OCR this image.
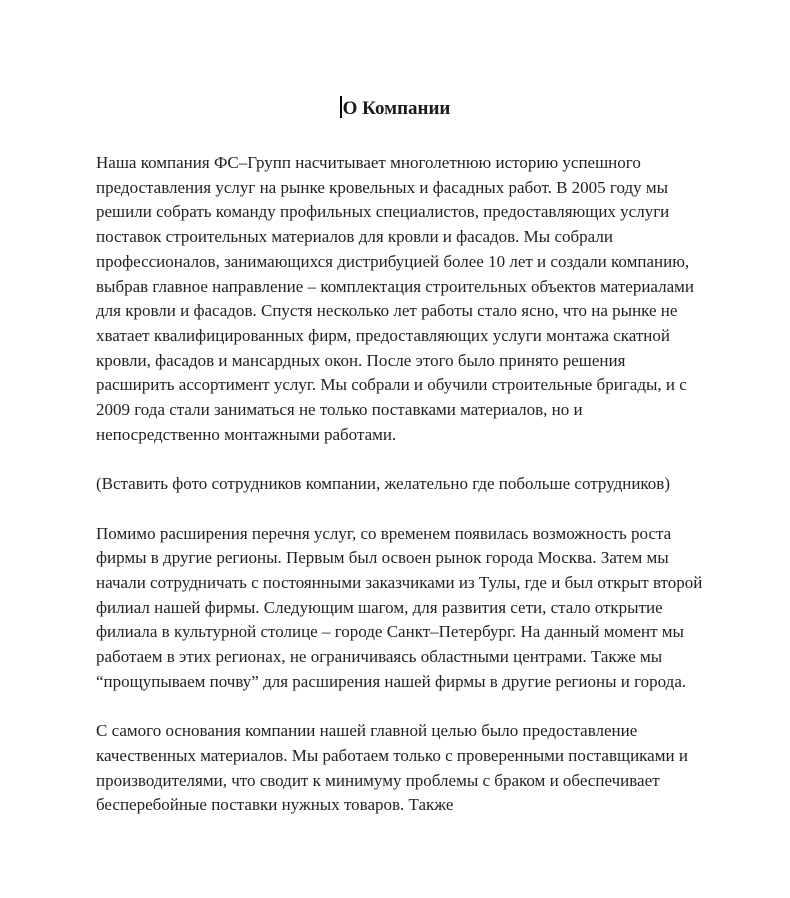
О Компании

Наша компания ФС–Групп насчитывает многолетнюю историю успешного предоставления услуг на рынке кровельных и фасадных работ. В 2005 году мы решили собрать команду профильных специалистов, предоставляющих услуги поставок строительных материалов для кровли и фасадов. Мы собрали профессионалов, занимающихся дистрибуцией более 10 лет и создали компанию, выбрав главное направление – комплектация строительных объектов материалами для кровли и фасадов. Спустя несколько лет работы стало ясно, что на рынке не хватает квалифицированных фирм, предоставляющих услуги монтажа скатной кровли, фасадов и мансардных окон. После этого было принято решения расширить ассортимент услуг. Мы собрали и обучили строительные бригады, и с 2009 года стали заниматься не только поставками материалов, но и непосредственно монтажными работами.

(Вставить фото сотрудников компании, желательно где побольше сотрудников)

Помимо расширения перечня услуг, со временем появилась возможность роста фирмы в другие регионы. Первым был освоен рынок города Москва. Затем мы начали сотрудничать с постоянными заказчиками из Тулы, где и был открыт второй филиал нашей фирмы. Следующим шагом, для развития сети, стало открытие филиала в культурной столице – городе Санкт–Петербург. На данный момент мы работаем в этих регионах, не ограничиваясь областными центрами. Также мы “прощупываем почву” для расширения нашей фирмы в другие регионы и города.

С самого основания компании нашей главной целью было предоставление качественных материалов. Мы работаем только с проверенными поставщиками и производителями, что сводит к минимуму проблемы с браком и обеспечивает бесперебойные поставки нужных товаров. Также
